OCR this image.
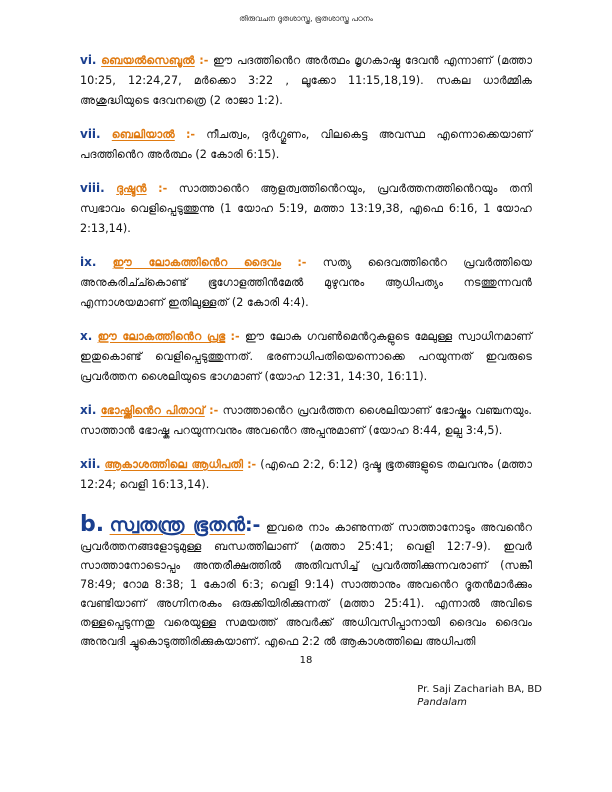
തിരുവചന ദൂതശാസ്ത്ര, ഭൂതശാസ്ത്ര പഠനം

vi. ബെയൽസെബൂൽ :- ഈ പദത്തിൻെറ അർത്ഥം മൃഗകാഷ്ഠ ദേവൻ എന്നാണ് (മത്താ 10:25, 12:24,27, മർക്കൊ 3:22 , ലൂക്കോ 11:15,18,19). സകല ധാർമ്മിക അശുദ്ധിയുടെ ദേവനത്രെ (2 രാജാ 1:2).

vii. ബെലിയാൽ :- നീചത്വം, ദുർഗ്ഗുണം, വിലകെട്ട അവസ്ഥ എന്നൊക്കെയാണ് പദത്തിൻെറ അർത്ഥം (2 കോരി 6:15).

viii. ദുഷ്ടൻ :- സാത്താൻെറ ആളത്വത്തിൻെറയും, പ്രവർത്തനത്തിൻെറയും തനി സ്വഭാവം വെളിപ്പെടുത്തുന്നു (1 യോഹ 5:19, മത്താ 13:19,38, എഫെ 6:16, 1 യോഹ 2:13,14).

ix. ഈ ലോകത്തിൻെറ ദൈവം :- സത്യ ദൈവത്തിൻെറ പ്രവർത്തിയെ അനുകരിച്ച്കൊണ്ട് ഭൂഗോളത്തിൻമേൽ മുഴുവനും ആധിപത്യം നടത്തുന്നവൻ എന്നാശയമാണ് ഇതിലുള്ളത് (2 കോരി 4:4).

x. ഈ ലോകത്തിൻെറ പ്രഭു :- ഈ ലോക ഗവൺമെൻറുകളുടെ മേലുള്ള സ്വാധിനമാണ് ഇതുകൊണ്ട് വെളിപ്പെടുത്തുന്നത്. ഭരണാധിപതിയെന്നൊക്കെ പറയുന്നത് ഇവരുടെ പ്രവർത്തന ശൈലിയുടെ ഭാഗമാണ് (യോഹ 12:31, 14:30, 16:11).

xi. ഭോഷ്ക്കിൻെറ പിതാവ് :- സാത്താൻെറ പ്രവർത്തന ശൈലിയാണ് ഭോഷ്കും വഞ്ചനയും. സാത്താൻ ഭോഷ്കു പറയുന്നവനും അവൻെറ അപ്പനുമാണ് (യോഹ 8:44, ഉല്പ 3:4,5).

xii. ആകാശത്തിലെ ആധിപതി :- (എഫെ 2:2, 6:12) ദുഷ്ട ഭൂതങ്ങളുടെ തലവനും (മത്താ 12:24; വെളി 16:13,14).

b. സ്വതന്ത്ര ഭൂതൻ:- ഇവരെ നാം കാണുന്നത് സാത്താനോടും അവൻെറ പ്രവർത്തനങ്ങളോടുമുള്ള ബന്ധത്തിലാണ് (മത്താ 25:41; വെളി 12:7-9). ഇവർ സാത്താനോടൊപ്പം അന്തരീക്ഷത്തിൽ അതിവസിച്ച് പ്രവർത്തിക്കുന്നവരാണ് (സങ്കീ 78:49; റോമ 8:38; 1 കോരി 6:3; വെളി 9:14) സാത്താനും അവൻെറ ദൂതൻമാർക്കും വേണ്ടിയാണ് അഗ്നിനരകം ഒരുക്കിയിരിക്കുന്നത് (മത്താ 25:41). എന്നാൽ അവിടെ തള്ളപ്പെടുന്നതു വരെയുള്ള സമയത്ത് അവർക്ക് അധിവസിപ്പാനായി ദൈവം ദൈവം അനുവദി ച്ചുകൊടുത്തിരിക്കുകയാണ്. എഫെ 2:2 ൽ ആകാശത്തിലെ അധിപതി

18
Pr. Saji Zachariah BA, BD
Pandalam
